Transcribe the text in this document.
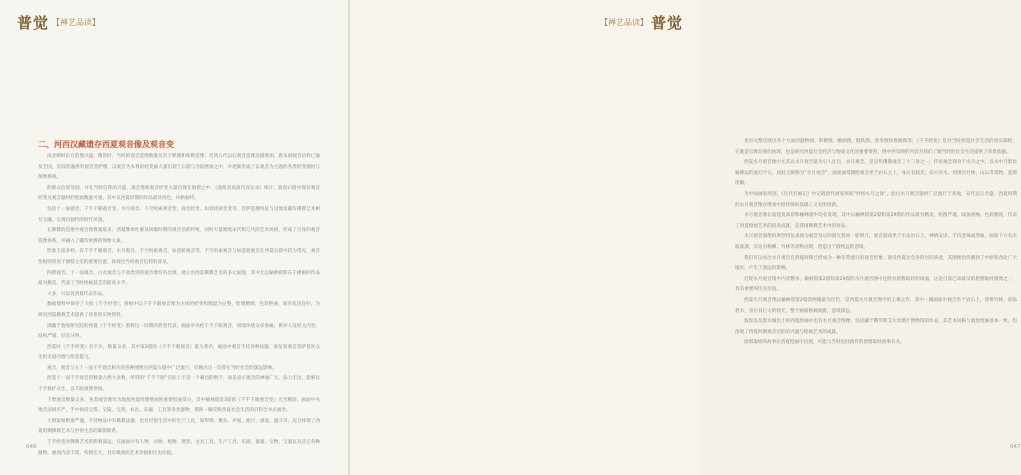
普觉 【禅艺品读】
二、河西汉藏遗存西夏观音像及观音变

南北朝时东方造像兴盛，隋唐时，当时的观音造像数量仅次于释迦和弥勒造像；但到五代以后观音造像急剧增加，唐宋间观音信仰已遍及全国，民间普遍供奉观音菩萨像，以观音为本尊的经变画大量出现于石窟与寺院壁画之中，并逐渐形成了以观音为主题的各类经变题材与图像系统。

的群众信仰基础，并在当时信仰的兴盛，观音像和观音经变大量出现在洞窟之中，《敦煌莫高窟内容总录》统计，敦煌石窟中现存观音经变及观音题材的壁画数量可观，其中以西夏时期的作品最具特色，风格独特。

包括十一面观音、千手千眼观音变、水月观音、不空绢索观音变、观音经变、如意轮观音变等，菩萨造像特征与汉地及藏传佛教艺术相互交融，呈现出独特的时代风貌。

在佛教的造像中观音像数量最多，西夏继承吐蕃及回鹘时期的观音信仰传统，同时大量吸收宋代和辽代的艺术风格，形成了自身的观音造像体系，并融入了藏传密教的图像元素。

形象丰富多样，有千手千眼观音、水月观音、不空绢索观音、如意轮观音等，不空绢索观音与如意轮观音在西夏石窟中较为常见，观音变相则常见于洞窟主室的重要位置，体现出当时观音信仰的普及。

四臂观音、十一面观音、白衣观音与不同类别的观音像均有出现，展示出西夏佛教艺术的多元面貌，其中尤以榆林窟和东千佛洞的作品最为精美，代表了当时绘画技艺的最高水平。

大多，可以说西夏代表作品。

数据资料中保存了大批《千手经变》，图纸中以千手千眼观音像为主体的经变构图最为完整，绘制精细，色彩艳丽，保存状况良好，为研究西夏佛教艺术提供了珍贵的实物资料。

现藏于敦煌研究院的西夏《千手经变》堪称这一时期的典型代表，画面中央绘千手千眼观音，周围环绕众多眷属、供养人及经文内容，结构严谨，层次分明。

西夏时《千手经变》有不少，数量众多，其中第3窟的《千手千眼观音》最为著名，画面中观音手持各种法器，象征着观音菩萨普度众生的无量功德与慈悲愿力。

观音，观音与五十一面千手观音相关的各种图像在西夏石窟中广泛流行，反映出这一信仰在当时社会的深远影响。

西夏十一面千手观音的数量占绝大多数，所谓的“千手千眼”实际上不是一个确切的数字，而是表示观音的神通广大、法力无边，能够以千手救护众生，以千眼观照世间。

千臂观音数量众多，各类观音像作为敦煌西夏时期壁画的重要组成部分，其中榆林窟第3窟的《千手千眼观音变》尤为精彩，画面中央观音法相庄严，手中执持宝塔、宝镜、宝剑、农具、乐器、工具等各类器物，堪称一幅反映西夏社会生活的百科全书式画卷。

大图案相繁密严谨，手持物品中有佛教法器，也有世俗生活中的生产工具，如犁铧、锄头、斧锯、曲尺、酒壶、量斗等，充分体现了西夏时期佛教艺术与世俗生活的紧密联系。

千手经变对佛教艺术的影响深远，在画面中有人物、动物、植物、建筑、文具工具、生产工具、乐器、量器、宝物、宝器以及其它各种器物，画面内容丰富，构图宏大，具有极高的艺术价值和历史价值。

046
【禅艺品读】 普觉

也有完整反映出各个方面的器物图、犁耕图、酿酒图、锻铁图、舂米图和推磨图等，《千手经变》是对当时西夏社会生活的真实描绘，它既是宗教信仰的体现，也是研究西夏社会经济与物质文化的重要资料，图中所反映的内容为我们了解当时的社会生活提供了珍贵依据。

西夏水月观音像中尤其以水月观音最为引人注目，水月观音，是汉传佛教观音三十三身之一，传说观音现身于水月之中，以水中月影比喻佛法的虚幻不实，因此又被称为“水月观音”，画面通常描绘观音坐于岩石之上，身后有圆光，前方有水，周围有竹林、山石等景物，意境清幽。

为中国画家所创，《历代名画记》中记载唐代画家周昉“妙创水月之体”，此后水月观音题材广泛流行于各地，宋代以后尤盛，西夏时期的水月观音像在继承中原传统的基础上又有所创新。

水月观音像在敦煌莫高窟和榆林窟中均有发现，其中以榆林窟第2窟和第29窟的作品最为精美，构图严谨，线条流畅，色彩雅致，代表了西夏绘画艺术的较高成就，是我国佛教艺术中的珍品。

水月观音图像的典型特征表现为观音身后的圆光犹如一轮明月，观音游戏坐于水边岩石上，神情安详，手持念珠或净瓶，画面下方有水波荡漾，旁边有杨柳、竹林等景物点缀，营造出宁静致远的意境。

我们可以看出水月观音在西夏时期已经成为一种非常流行的观音形象，深受西夏社会各阶层的喜爱，其图像也传播到了中原和西北广大地区，产生了深远的影响。

近现水月观音图中内容繁多，榆林窟第2窟和第29窟的水月观音图中还绘有唐僧取经的场面，这是目前已知最早的唐僧取经图像之一，具有重要的历史价值。

西夏水月观音像以榆林窟第2窟的两铺最为出色，是西夏水月观音像中的上乘之作，其中一铺画面中观音坐于岩石上，背倚竹林，前临碧水，身后有巨大的圆光，整个画面格调高雅，意境深远。

敦煌以及黑水城出土的西夏绘画中也有水月观音图像，包括藏于俄罗斯艾尔米塔什博物馆的作品，其艺术风格与敦煌壁画基本一致，均体现了西夏时期观音信仰的兴盛与绘画艺术的成就。

唐僧取经的故事在西夏壁画中出现，可能与当时民间流传的唐僧取经故事有关。

047
